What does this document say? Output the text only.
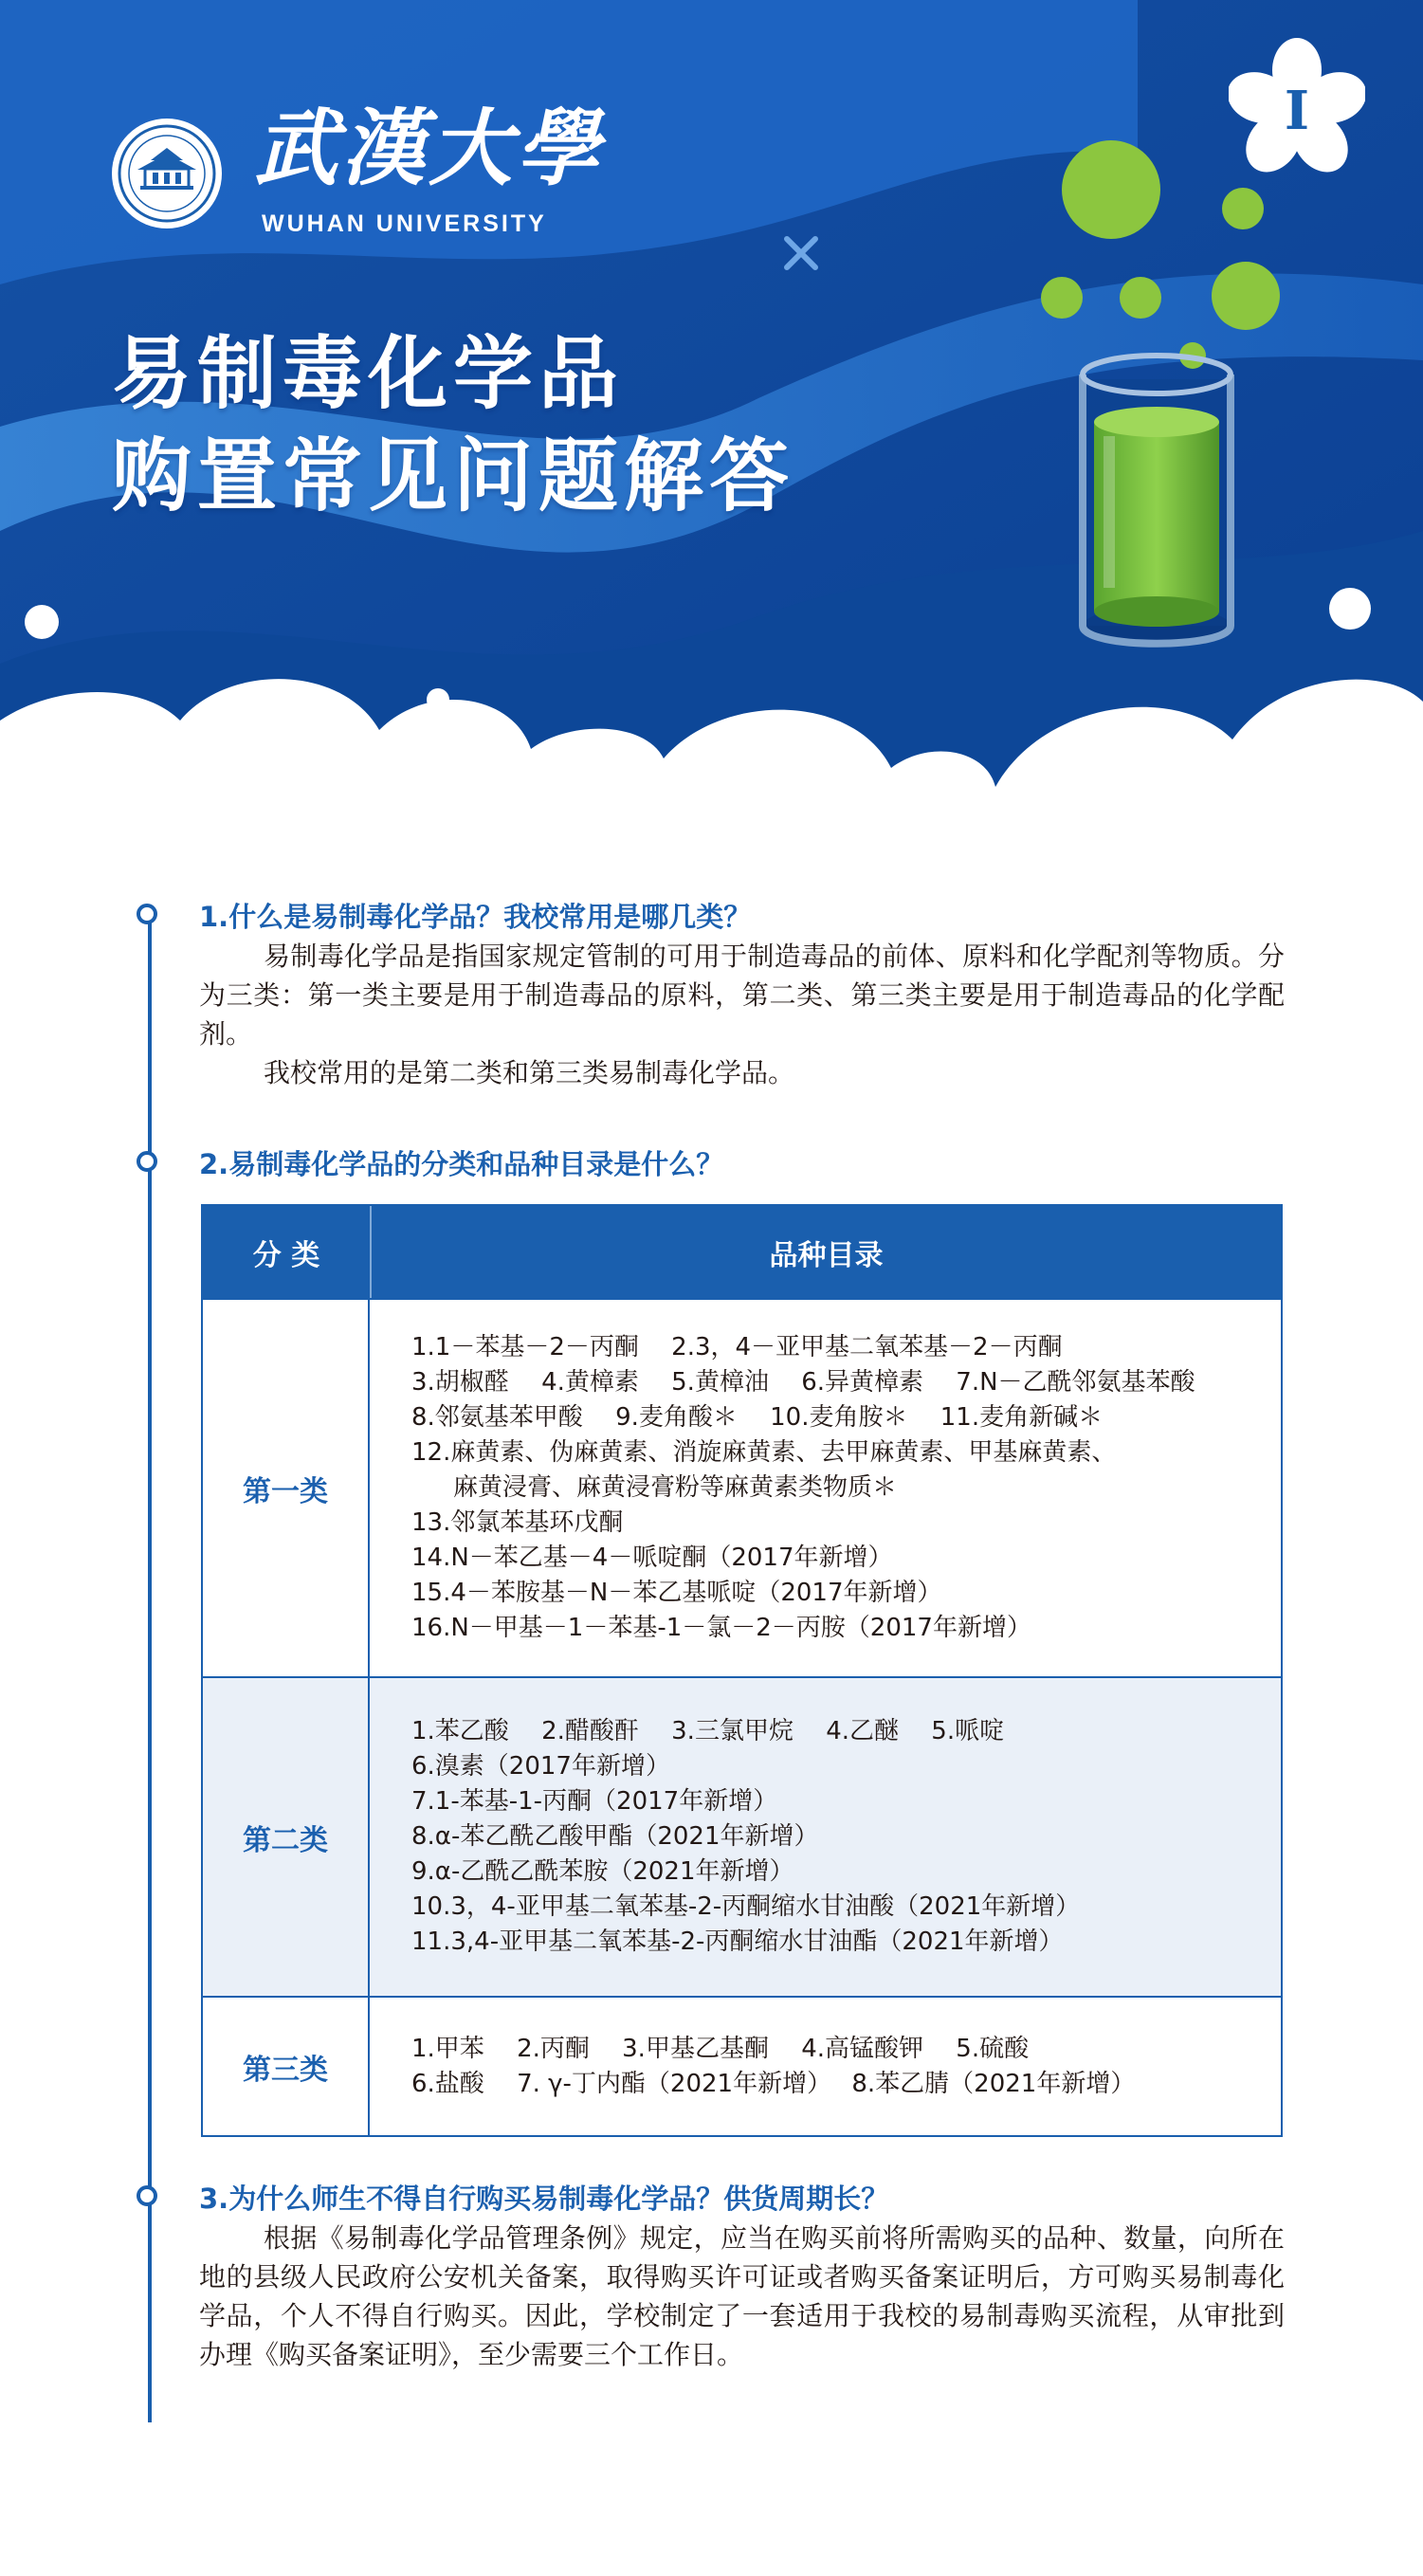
武漢大學
WUHAN UNIVERSITY
易制毒化学品
购置常见问题解答
I
1.什么是易制毒化学品？我校常用是哪几类？

易制毒化学品是指国家规定管制的可用于制造毒品的前体、原料和化学配剂等物质。分为三类：第一类主要是用于制造毒品的原料，第二类、第三类主要是用于制造毒品的化学配剂。

我校常用的是第二类和第三类易制毒化学品。

2.易制毒化学品的分类和品种目录是什么？
分 类	品种目录
第一类
1.1－苯基－2－丙酮　 2.3，4－亚甲基二氧苯基－2－丙酮
3.胡椒醛　 4.黄樟素　 5.黄樟油　 6.异黄樟素　 7.N－乙酰邻氨基苯酸
8.邻氨基苯甲酸　 9.麦角酸＊　 10.麦角胺＊　 11.麦角新碱＊
12.麻黄素、伪麻黄素、消旋麻黄素、去甲麻黄素、甲基麻黄素、
麻黄浸膏、麻黄浸膏粉等麻黄素类物质＊
13.邻氯苯基环戊酮
14.N－苯乙基－4－哌啶酮（2017年新增）
15.4－苯胺基－N－苯乙基哌啶（2017年新增）
16.N－甲基－1－苯基-1－氯－2－丙胺（2017年新增）
第二类
1.苯乙酸　 2.醋酸酐　 3.三氯甲烷　 4.乙醚　 5.哌啶
6.溴素（2017年新增）
7.1-苯基-1-丙酮（2017年新增）
8.α-苯乙酰乙酸甲酯（2021年新增）
9.α-乙酰乙酰苯胺（2021年新增）
10.3，4-亚甲基二氧苯基-2-丙酮缩水甘油酸（2021年新增）
11.3,4-亚甲基二氧苯基-2-丙酮缩水甘油酯（2021年新增）
第三类
1.甲苯　 2.丙酮　 3.甲基乙基酮　 4.高锰酸钾　 5.硫酸
6.盐酸　 7. γ-丁内酯（2021年新增）　 8.苯乙腈（2021年新增）
3.为什么师生不得自行购买易制毒化学品？供货周期长？

根据《易制毒化学品管理条例》规定，应当在购买前将所需购买的品种、数量，向所在地的县级人民政府公安机关备案，取得购买许可证或者购买备案证明后，方可购买易制毒化学品，个人不得自行购买。因此，学校制定了一套适用于我校的易制毒购买流程，从审批到办理《购买备案证明》，至少需要三个工作日。
